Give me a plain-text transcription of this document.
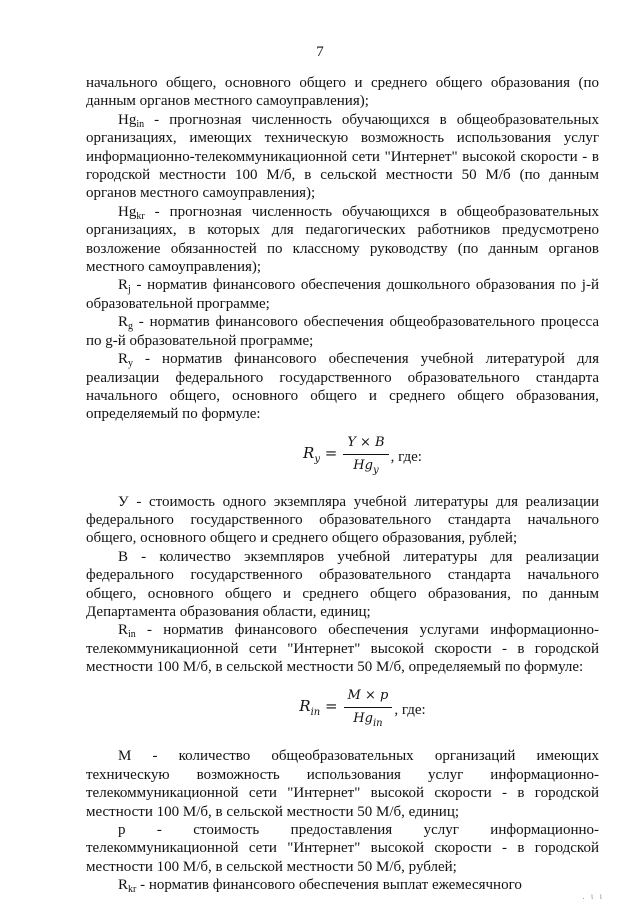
7

начального общего, основного общего и среднего общего образования (по данным органов местного самоуправления);

$Hg_{in}$ - прогнозная численность обучающихся в общеобразовательных организациях, имеющих техническую возможность использования услуг информационно-телекоммуникационной сети "Интернет" высокой скорости - в городской местности 100 М/б, в сельской местности 50 М/б (по данным органов местного самоуправления);

$Hg_{kr}$ - прогнозная численность обучающихся в общеобразовательных организациях, в которых для педагогических работников предусмотрено возложение обязанностей по классному руководству (по данным органов местного самоуправления);

$R_j$ - норматив финансового обеспечения дошкольного образования по j-й образовательной программе;

$R_g$ - норматив финансового обеспечения общеобразовательного процесса по g-й образовательной программе;

$R_y$ - норматив финансового обеспечения учебной литературой для реализации федерального государственного образовательного стандарта начального общего, основного общего и среднего общего образования, определяемый по формуле:

$R_y = \frac{Y \times B}{Hg_y}$ , где:

У - стоимость одного экземпляра учебной литературы для реализации федерального государственного образовательного стандарта начального общего, основного общего и среднего общего образования, рублей;

В - количество экземпляров учебной литературы для реализации федерального государственного образовательного стандарта начального общего, основного общего и среднего общего образования, по данным Департамента образования области, единиц;

$R_{in}$ - норматив финансового обеспечения услугами информационно-телекоммуникационной сети "Интернет" высокой скорости - в городской местности 100 М/б, в сельской местности 50 М/б, определяемый по формуле:

$R_{in} = \frac{M \times p}{Hg_{in}}$ , где:

М - количество общеобразовательных организаций имеющих техническую возможность использования услуг информационно-телекоммуникационной сети "Интернет" высокой скорости - в городской местности 100 М/б, в сельской местности 50 М/б, единиц;

р - стоимость предоставления услуг информационно-телекоммуникационной сети "Интернет" высокой скорости - в городской местности 100 М/б, в сельской местности 50 М/б, рублей;

$R_{kr}$ - норматив финансового обеспечения выплат ежемесячного

. ι ι
